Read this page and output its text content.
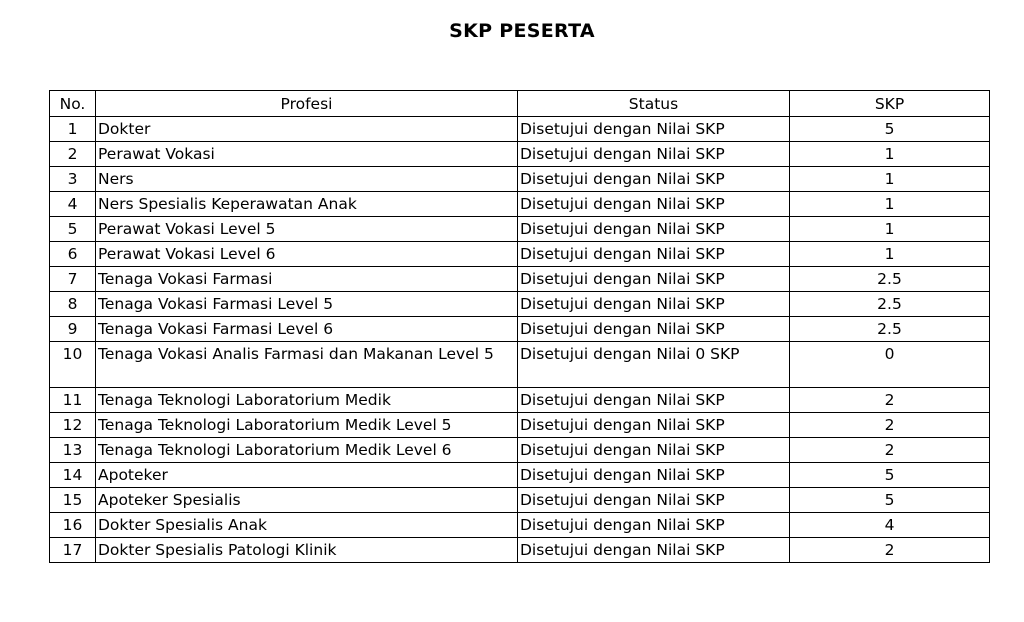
SKP PESERTA
No.	Profesi	Status	SKP
1	Dokter	Disetujui dengan Nilai SKP	5
2	Perawat Vokasi	Disetujui dengan Nilai SKP	1
3	Ners	Disetujui dengan Nilai SKP	1
4	Ners Spesialis Keperawatan Anak	Disetujui dengan Nilai SKP	1
5	Perawat Vokasi Level 5	Disetujui dengan Nilai SKP	1
6	Perawat Vokasi Level 6	Disetujui dengan Nilai SKP	1
7	Tenaga Vokasi Farmasi	Disetujui dengan Nilai SKP	2.5
8	Tenaga Vokasi Farmasi Level 5	Disetujui dengan Nilai SKP	2.5
9	Tenaga Vokasi Farmasi Level 6	Disetujui dengan Nilai SKP	2.5
10	Tenaga Vokasi Analis Farmasi dan Makanan Level 5	Disetujui dengan Nilai 0 SKP	0
11	Tenaga Teknologi Laboratorium Medik	Disetujui dengan Nilai SKP	2
12	Tenaga Teknologi Laboratorium Medik Level 5	Disetujui dengan Nilai SKP	2
13	Tenaga Teknologi Laboratorium Medik Level 6	Disetujui dengan Nilai SKP	2
14	Apoteker	Disetujui dengan Nilai SKP	5
15	Apoteker Spesialis	Disetujui dengan Nilai SKP	5
16	Dokter Spesialis Anak	Disetujui dengan Nilai SKP	4
17	Dokter Spesialis Patologi Klinik	Disetujui dengan Nilai SKP	2
